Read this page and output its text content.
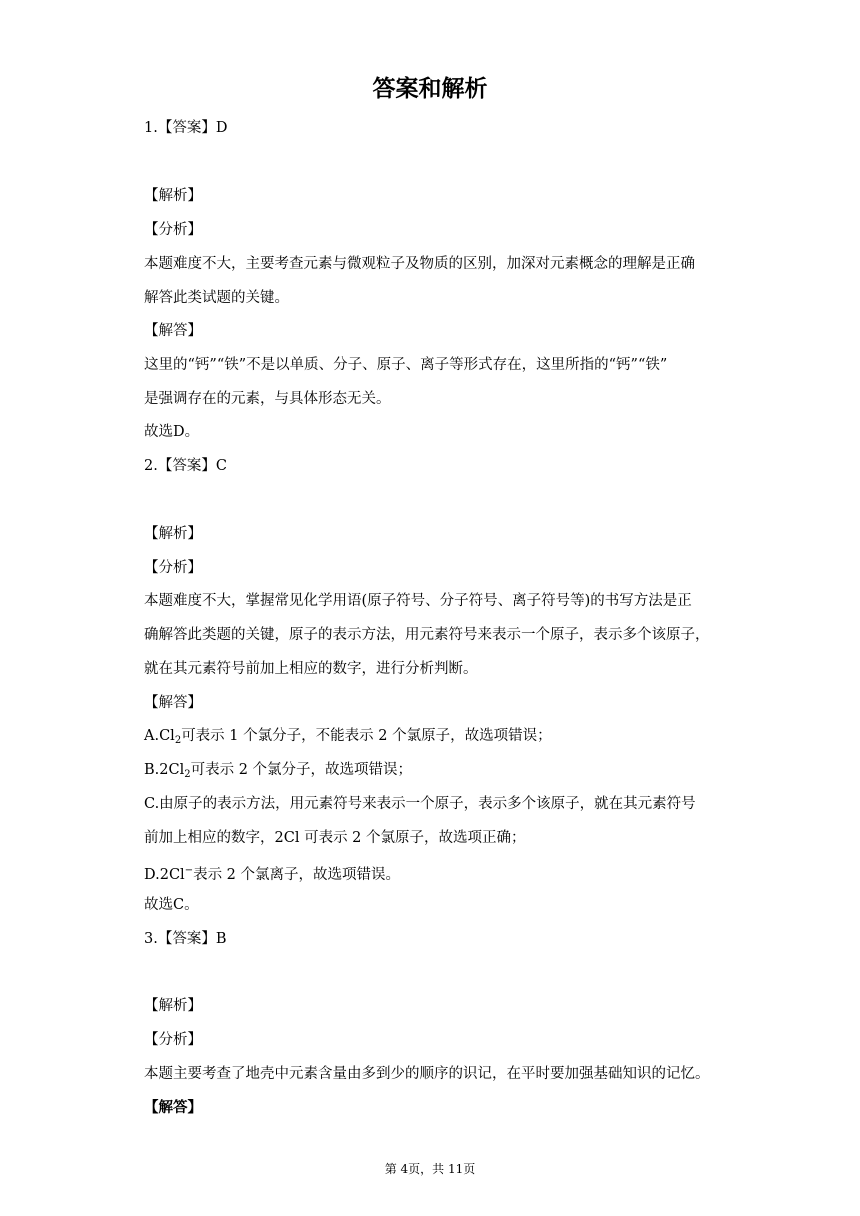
答案和解析
1.【答案】D
【解析】
【分析】
本题难度不大，主要考查元素与微观粒子及物质的区别，加深对元素概念的理解是正确
解答此类试题的关键。
【解答】
这里的“钙”“铁”不是以单质、分子、原子、离子等形式存在，这里所指的“钙”“铁”
是强调存在的元素，与具体形态无关。
故选D。
2.【答案】C
【解析】
【分析】
本题难度不大，掌握常见化学用语(原子符号、分子符号、离子符号等)的书写方法是正
确解答此类题的关键，原子的表示方法，用元素符号来表示一个原子，表示多个该原子，
就在其元素符号前加上相应的数字，进行分析判断。
【解答】
$A.Cl_2$可表示 1 个氯分子，不能表示 2 个氯原子，故选项错误；
$B.2Cl_2$可表示 2 个氯分子，故选项错误；
C.由原子的表示方法，用元素符号来表示一个原子，表示多个该原子，就在其元素符号
前加上相应的数字，2Cl 可表示 2 个氯原子，故选项正确；
D.2Cl−表示 2 个氯离子，故选项错误。
故选C。
3.【答案】B
【解析】
【分析】
本题主要考查了地壳中元素含量由多到少的顺序的识记，在平时要加强基础知识的记忆。
【解答】
第 4页，共 11页
